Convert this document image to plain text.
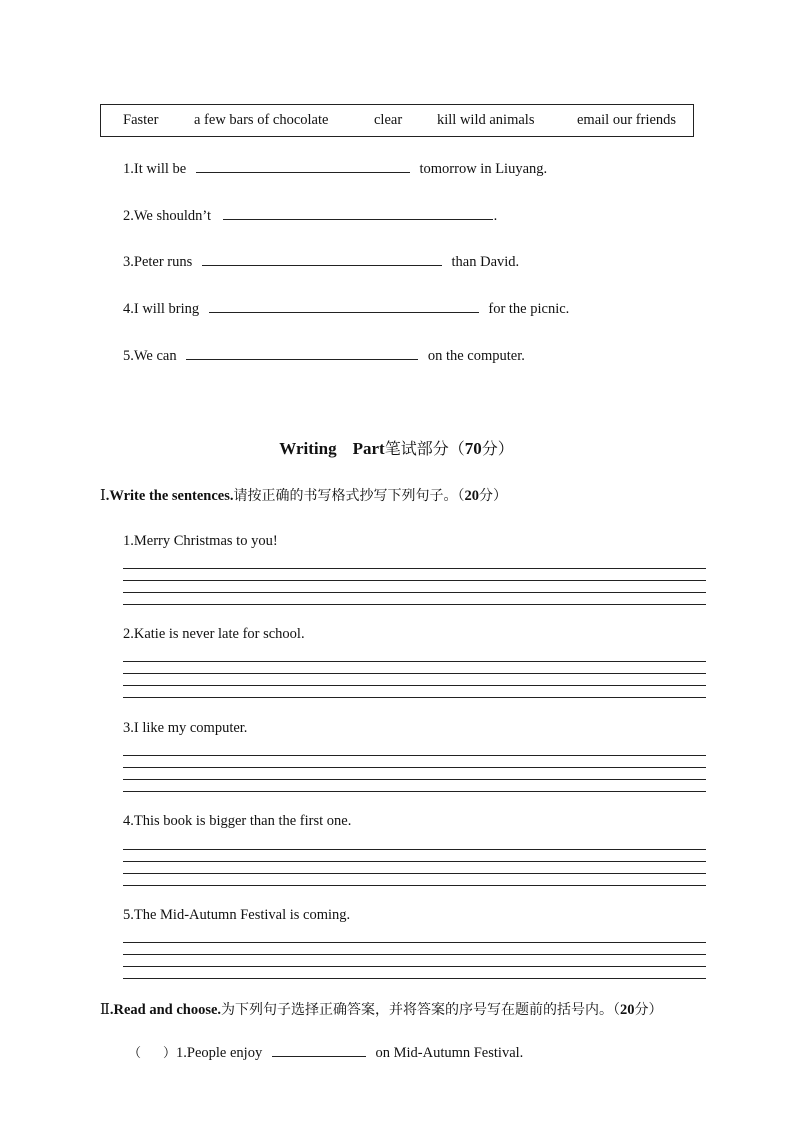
Faster a few bars of chocolate	clear kill wild animals	email our friends
1.It will be	tomorrow in Liuyang.
2.We shouldn’t	.
3.Peter runs	than David.
4.I will bring	for the picnic.
5.We can	on the computer.
Writing Part笔试部分（70分）
Ⅰ.Write the sentences.请按正确的书写格式抄写下列句子。（20分）
1.Merry Christmas to you!
2.Katie is never late for school.
3.I like my computer.
4.This book is bigger than the first one.
5.The Mid-Autumn Festival is coming.
Ⅱ.Read and choose.为下列句子选择正确答案，并将答案的序号写在题前的括号内。（20分）
（ ）1.People enjoy	on Mid-Autumn Festival.
